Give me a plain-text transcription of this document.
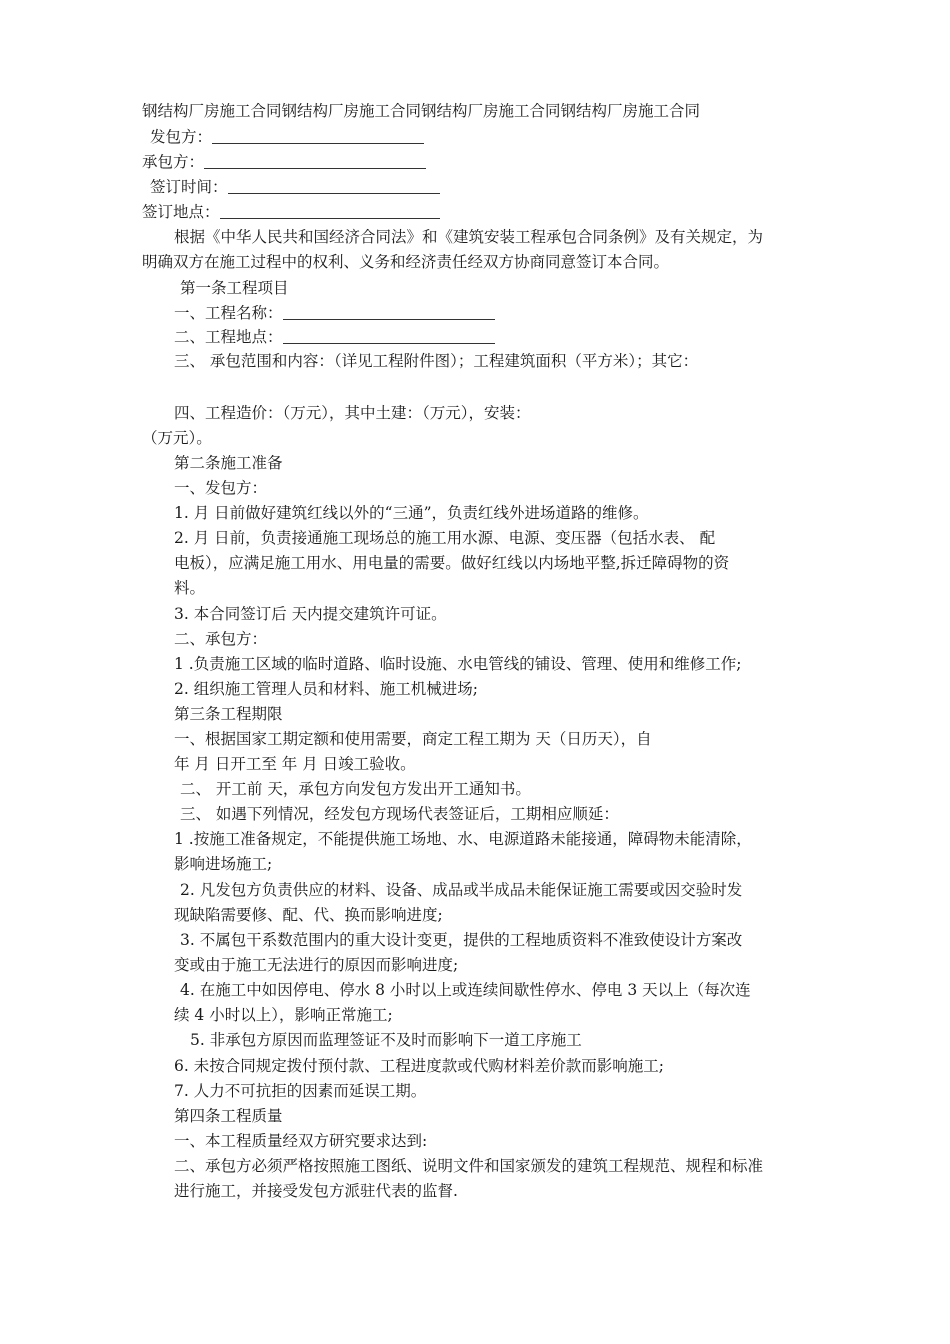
钢结构厂房施工合同钢结构厂房施工合同钢结构厂房施工合同钢结构厂房施工合同
发包方：
承包方：
签订时间：
签订地点：
根据《中华人民共和国经济合同法》和《建筑安装工程承包合同条例》及有关规定，为
明确双方在施工过程中的权利、义务和经济责任经双方协商同意签订本合同。
第一条工程项目
一、工程名称：
二、工程地点：
三、 承包范围和内容：（详见工程附件图）；工程建筑面积（平方米）；其它：
四、工程造价：（万元），其中土建：（万元），安装：
（万元）。
第二条施工准备
一、发包方：
1. 月 日前做好建筑红线以外的“三通”，负责红线外进场道路的维修。
2. 月 日前，负责接通施工现场总的施工用水源、电源、变压器（包括水表、 配
电板），应满足施工用水、用电量的需要。做好红线以内场地平整,拆迁障碍物的资
料。
3. 本合同签订后 天内提交建筑许可证。
二、承包方：
1 .负责施工区域的临时道路、临时设施、水电管线的铺设、管理、使用和维修工作;
2. 组织施工管理人员和材料、施工机械进场;
第三条工程期限
一、根据国家工期定额和使用需要，商定工程工期为 天（日历天），自
年 月 日开工至 年 月 日竣工验收。
二、 开工前 天，承包方向发包方发出开工通知书。
三、 如遇下列情况，经发包方现场代表签证后，工期相应顺延：
1 .按施工准备规定，不能提供施工场地、水、电源道路未能接通，障碍物未能清除，
影响进场施工;
2. 凡发包方负责供应的材料、设备、成品或半成品未能保证施工需要或因交验时发
现缺陷需要修、配、代、换而影响进度;
3. 不属包干系数范围内的重大设计变更，提供的工程地质资料不准致使设计方案改
变或由于施工无法进行的原因而影响进度;
4. 在施工中如因停电、停水 8 小时以上或连续间歇性停水、停电 3 天以上（每次连
续 4 小时以上），影响正常施工;
5. 非承包方原因而监理签证不及时而影响下一道工序施工
6. 未按合同规定拨付预付款、工程进度款或代购材料差价款而影响施工;
7. 人力不可抗拒的因素而延误工期。
第四条工程质量
一、本工程质量经双方研究要求达到:
二、承包方必须严格按照施工图纸、说明文件和国家颁发的建筑工程规范、规程和标准
进行施工，并接受发包方派驻代表的监督.
